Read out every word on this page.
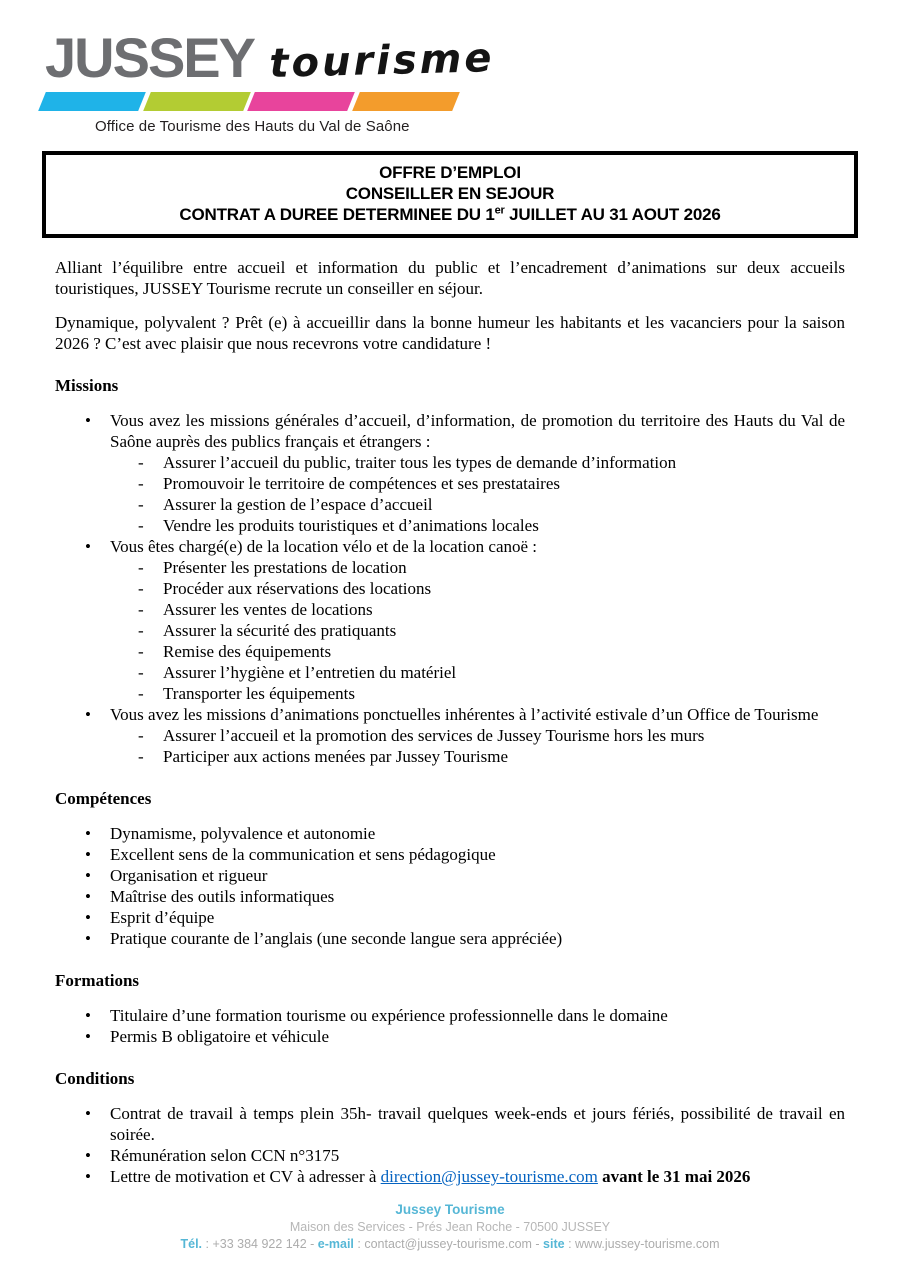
JUSSEY tourisme
Office de Tourisme des Hauts du Val de Saône
OFFRE D’EMPLOI
CONSEILLER EN SEJOUR
CONTRAT A DUREE DETERMINEE DU 1er JUILLET AU 31 AOUT 2026

Alliant l’équilibre entre accueil et information du public et l’encadrement d’animations sur deux accueils touristiques, JUSSEY Tourisme recrute un conseiller en séjour.

Dynamique, polyvalent ? Prêt (e) à accueillir dans la bonne humeur les habitants et les vacanciers pour la saison 2026 ? C’est avec plaisir que nous recevrons votre candidature !

Missions
•	Vous avez les missions générales d’accueil, d’information, de promotion du territoire des Hauts du Val de Saône auprès des publics français et étrangers :
-	Assurer l’accueil du public, traiter tous les types de demande d’information
-	Promouvoir le territoire de compétences et ses prestataires
-	Assurer la gestion de l’espace d’accueil
-	Vendre les produits touristiques et d’animations locales
•	Vous êtes chargé(e) de la location vélo et de la location canoë :
-	Présenter les prestations de location
-	Procéder aux réservations des locations
-	Assurer les ventes de locations
-	Assurer la sécurité des pratiquants
-	Remise des équipements
-	Assurer l’hygiène et l’entretien du matériel
-	Transporter les équipements
•	Vous avez les missions d’animations ponctuelles inhérentes à l’activité estivale d’un Office de Tourisme
-	Assurer l’accueil et la promotion des services de Jussey Tourisme hors les murs
-	Participer aux actions menées par Jussey Tourisme
Compétences
•	Dynamisme, polyvalence et autonomie
•	Excellent sens de la communication et sens pédagogique
•	Organisation et rigueur
•	Maîtrise des outils informatiques
•	Esprit d’équipe
•	Pratique courante de l’anglais (une seconde langue sera appréciée)
Formations
•	Titulaire d’une formation tourisme ou expérience professionnelle dans le domaine
•	Permis B obligatoire et véhicule
Conditions
•	Contrat de travail à temps plein 35h- travail quelques week-ends et jours fériés, possibilité de travail en soirée.
•	Rémunération selon CCN n°3175
•	Lettre de motivation et CV à adresser à direction@jussey-tourisme.com avant le 31 mai 2026
Jussey Tourisme
Maison des Services - Prés Jean Roche - 70500 JUSSEY
Tél. : +33 384 922 142 - e-mail : contact@jussey-tourisme.com - site : www.jussey-tourisme.com
